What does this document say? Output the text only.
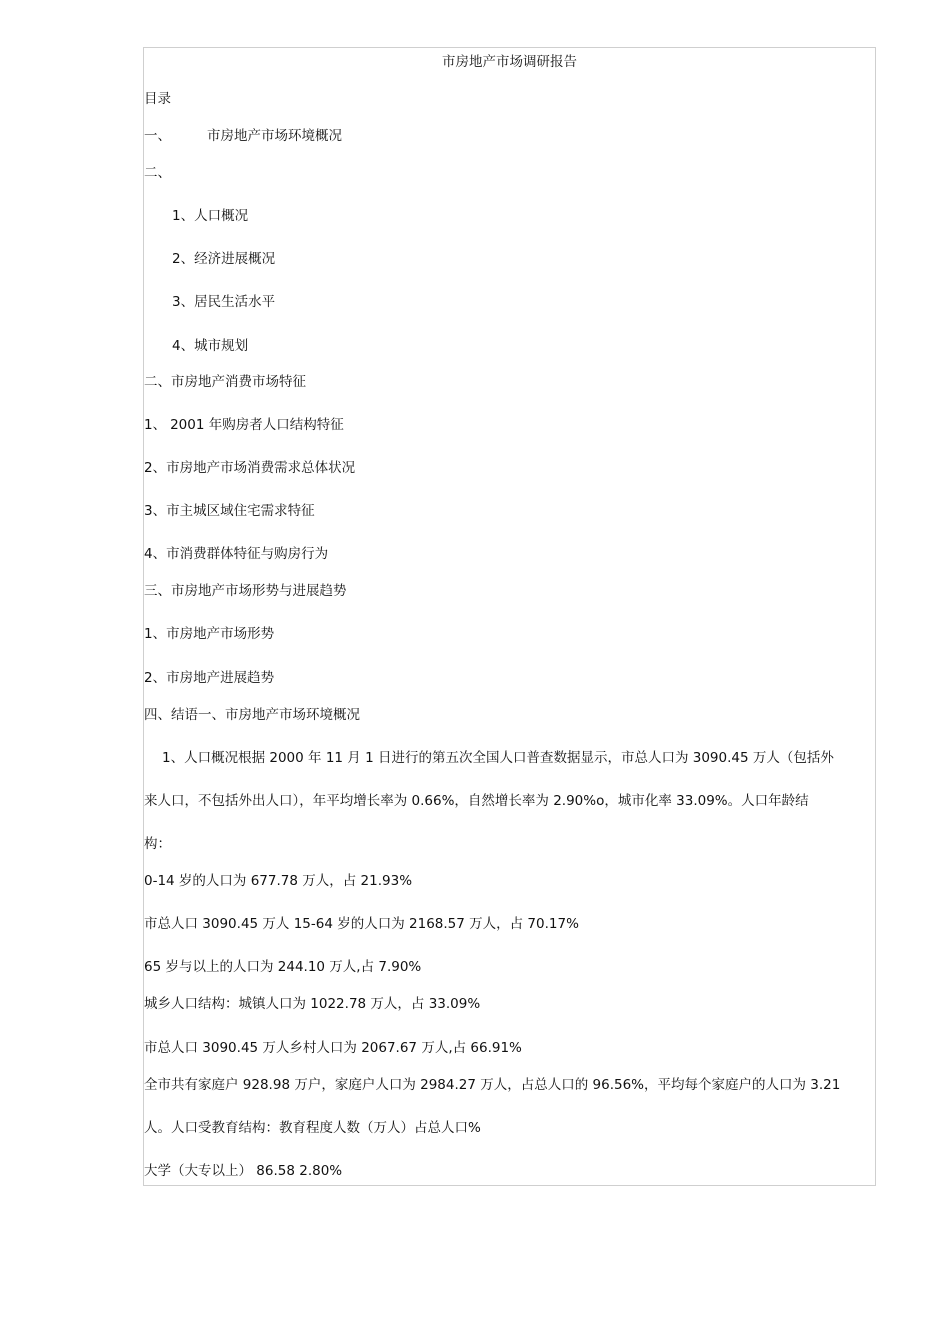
市房地产市场调研报告
目录
一、	市房地产市场环境概况
二、
1、人口概况
2、经济进展概况
3、居民生活水平
4、城市规划
二、市房地产消费市场特征
1、 2001 年购房者人口结构特征
2、市房地产市场消费需求总体状况
3、市主城区域住宅需求特征
4、市消费群体特征与购房行为
三、市房地产市场形势与进展趋势
1、市房地产市场形势
2、市房地产进展趋势
四、结语一、市房地产市场环境概况
1、人口概况根据 2000 年 11 月 1 日进行的第五次全国人口普查数据显示，市总人口为 3090.45 万人（包括外
来人口，不包括外出人口），年平均增长率为 0.66%，自然增长率为 2.90%o，城市化率 33.09%。人口年龄结
构：
0-14 岁的人口为 677.78 万人，占 21.93%
市总人口 3090.45 万人 15-64 岁的人口为 2168.57 万人，占 70.17%
65 岁与以上的人口为 244.10 万人,占 7.90%
城乡人口结构：城镇人口为 1022.78 万人，占 33.09%
市总人口 3090.45 万人乡村人口为 2067.67 万人,占 66.91%
全市共有家庭户 928.98 万户，家庭户人口为 2984.27 万人，占总人口的 96.56%，平均每个家庭户的人口为 3.21
人。人口受教育结构：教育程度人数（万人）占总人口%
大学（大专以上） 86.58 2.80%
